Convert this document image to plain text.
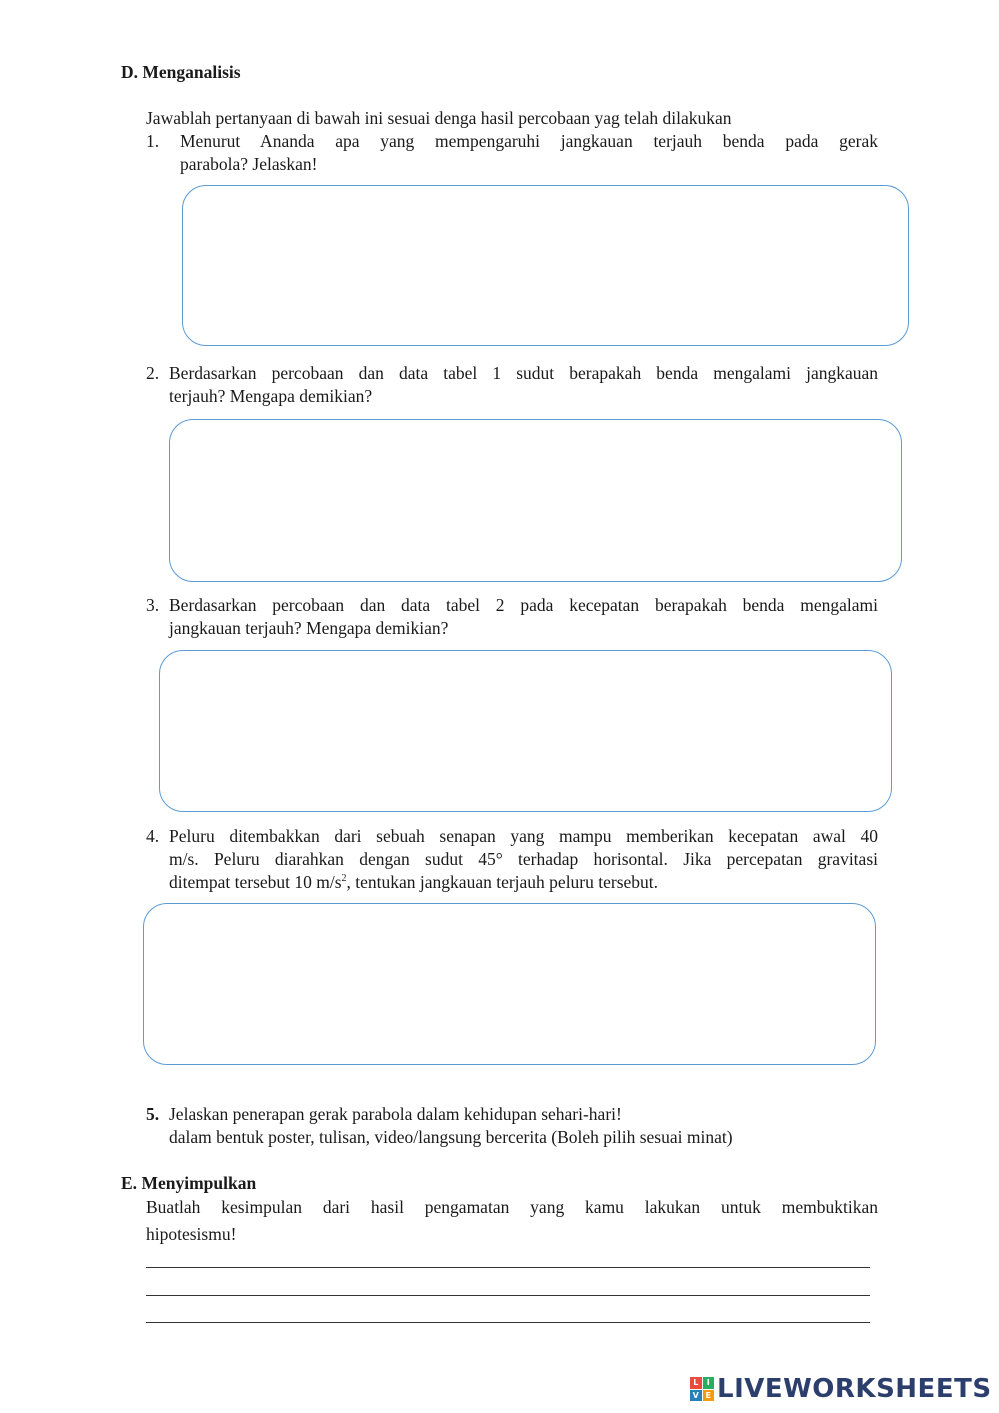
D. Menganalisis
Jawablah pertanyaan di bawah ini sesuai denga hasil percobaan yag telah dilakukan
1. Menurut Ananda apa yang mempengaruhi jangkauan terjauh benda pada gerak
parabola? Jelaskan!
2. Berdasarkan percobaan dan data tabel 1 sudut berapakah benda mengalami jangkauan
terjauh? Mengapa demikian?
3. Berdasarkan percobaan dan data tabel 2 pada kecepatan berapakah benda mengalami
jangkauan terjauh? Mengapa demikian?
4. Peluru ditembakkan dari sebuah senapan yang mampu memberikan kecepatan awal 40
m/s. Peluru diarahkan dengan sudut 45° terhadap horisontal. Jika percepatan gravitasi
ditempat tersebut 10 $m/s^2$, tentukan jangkauan terjauh peluru tersebut.
5. Jelaskan penerapan gerak parabola dalam kehidupan sehari-hari!
dalam bentuk poster, tulisan, video/langsung bercerita (Boleh pilih sesuai minat)
E. Menyimpulkan
Buatlah kesimpulan dari hasil pengamatan yang kamu lakukan untuk membuktikan
hipotesismu!
L	I
V E LIVEWORKSHEETS
